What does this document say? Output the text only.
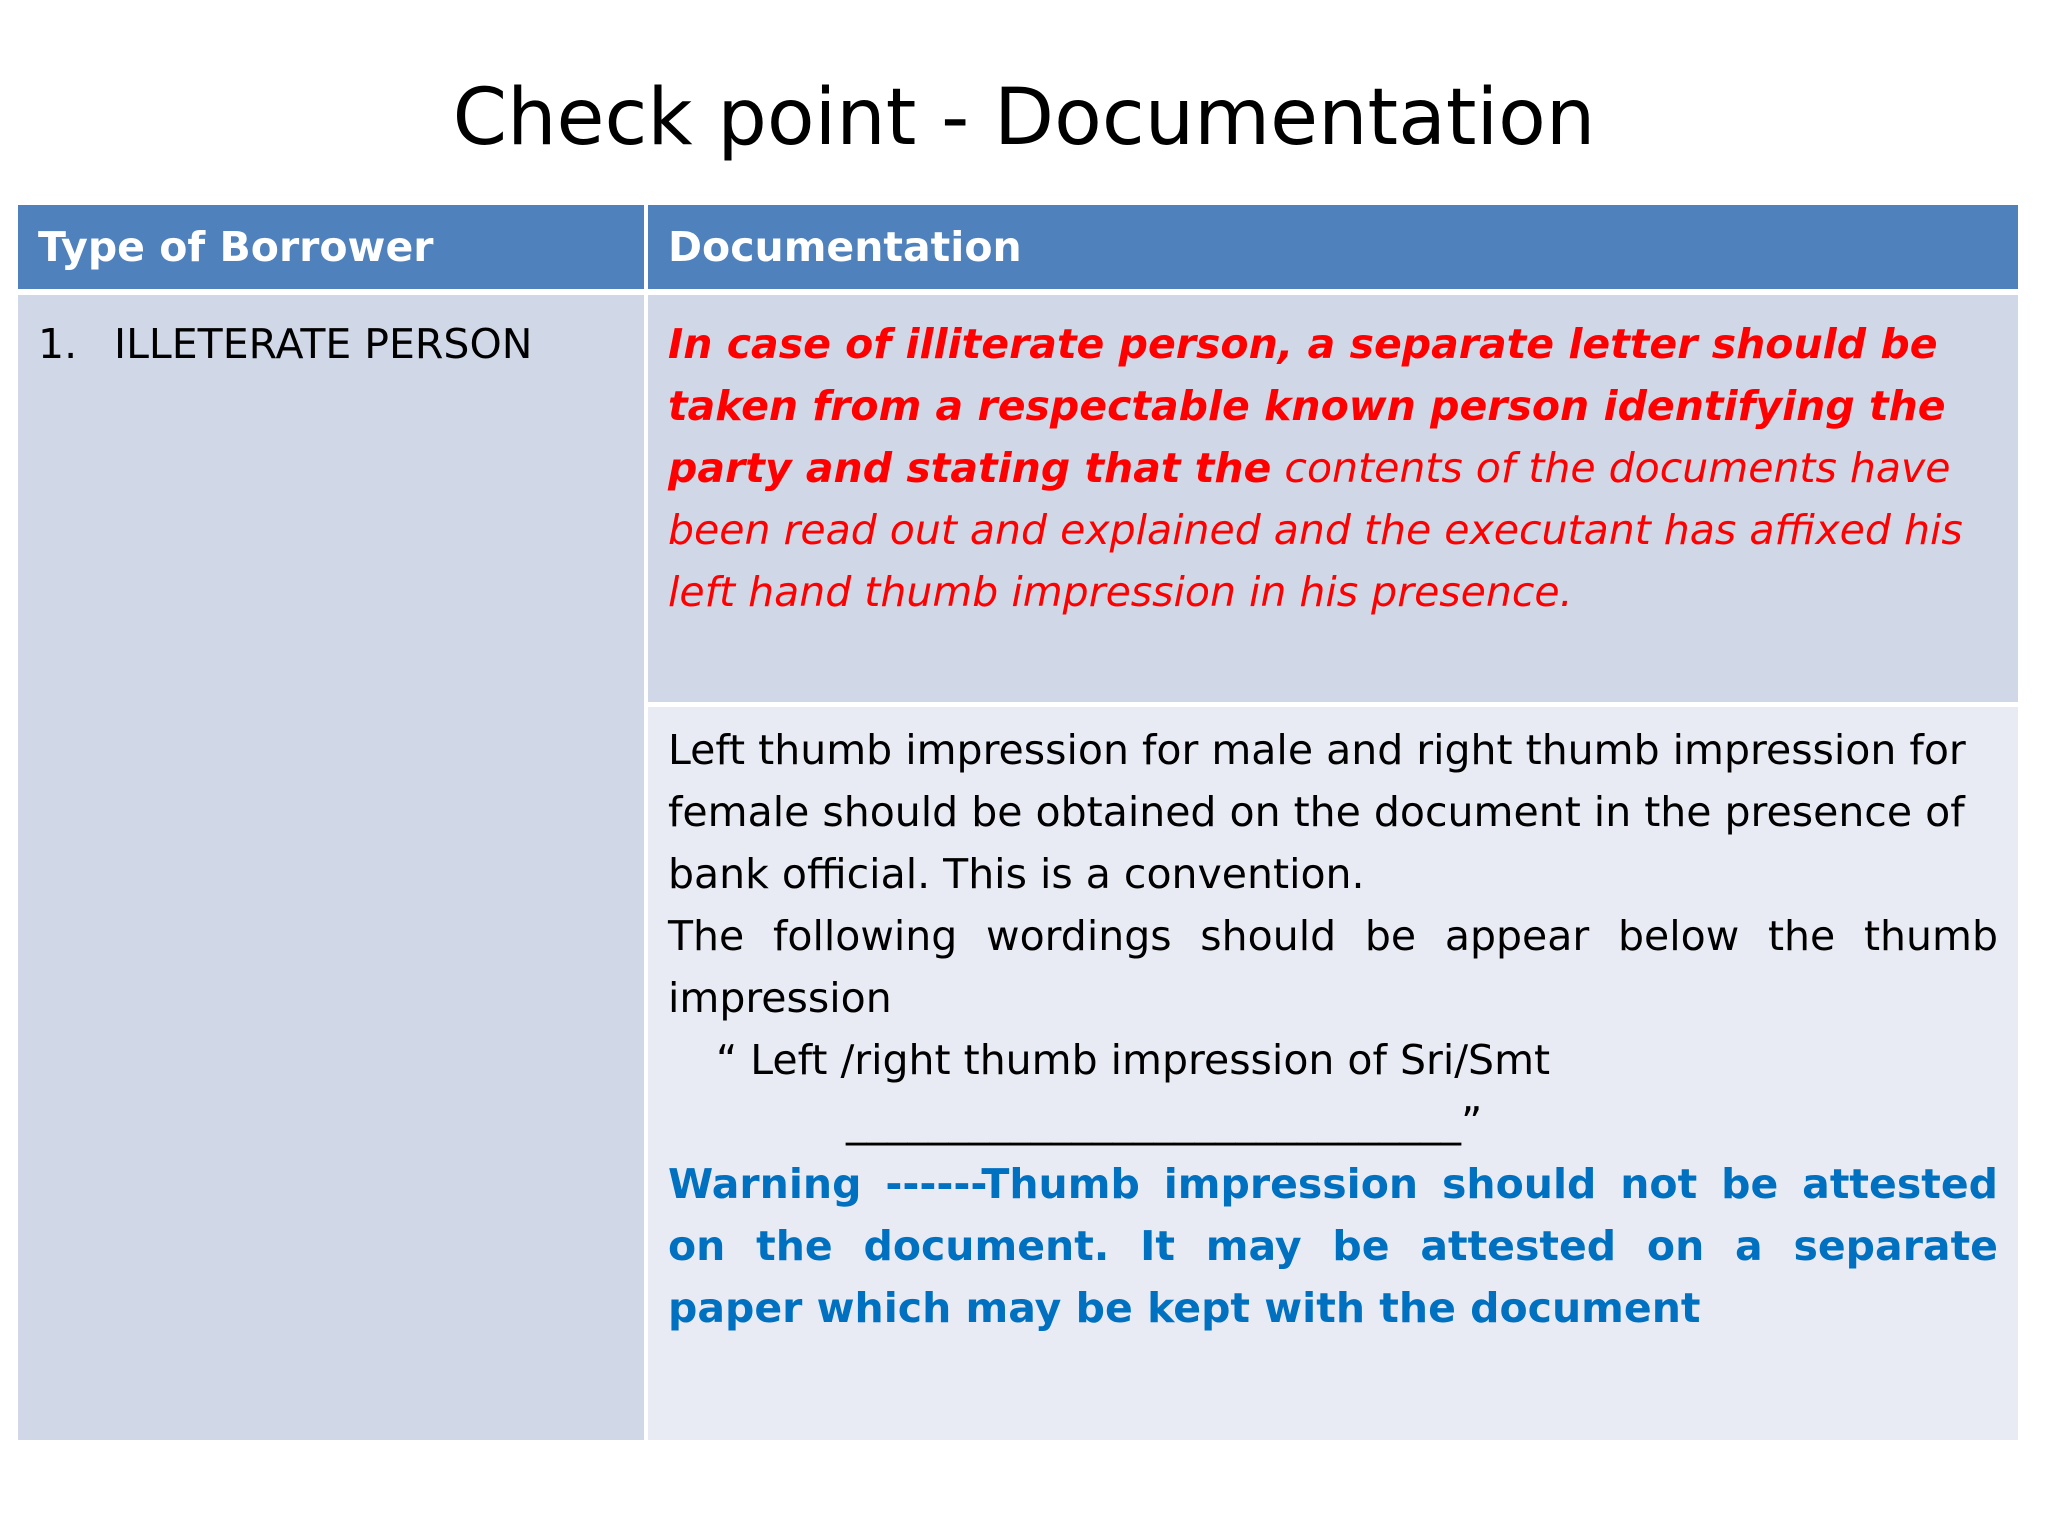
Check point - Documentation
Type of Borrower	Documentation
1. ILLETERATE PERSON	In case of illiterate person, a separate letter should be taken from a respectable known person identifying the party and stating that the contents of the documents have been read out and explained and the executant has affixed his left hand thumb impression in his presence.

Left thumb impression for male and right thumb impression for female should be obtained on the document in the presence of bank official. This is a convention.

The following wordings should be appear below the thumb

impression

“ Left /right thumb impression of Sri/Smt

______________________________”

Warning ------Thumb impression should not be attested on the document. It may be attested on a separate paper which may be kept with the document
